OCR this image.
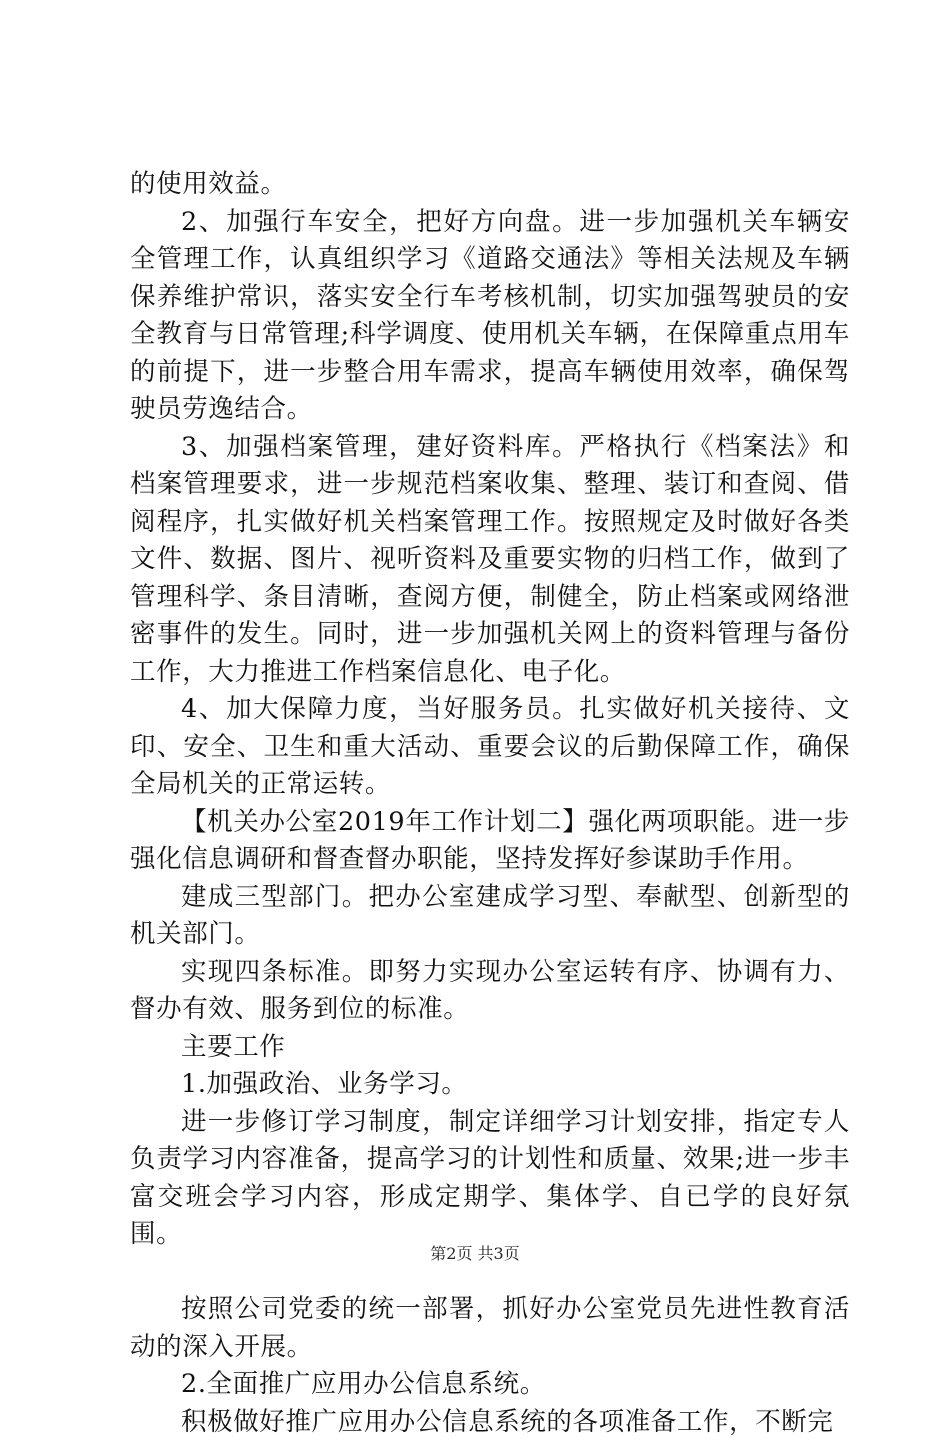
的使用效益。

2、加强行车安全，把好方向盘。进一步加强机关车辆安全管理工作，认真组织学习《道路交通法》等相关法规及车辆保养维护常识，落实安全行车考核机制，切实加强驾驶员的安全教育与日常管理;科学调度、使用机关车辆，在保障重点用车的前提下，进一步整合用车需求，提高车辆使用效率，确保驾驶员劳逸结合。

3、加强档案管理，建好资料库。严格执行《档案法》和档案管理要求，进一步规范档案收集、整理、装订和查阅、借阅程序，扎实做好机关档案管理工作。按照规定及时做好各类文件、数据、图片、视听资料及重要实物的归档工作，做到了管理科学、条目清晰，查阅方便，制健全，防止档案或网络泄密事件的发生。同时，进一步加强机关网上的资料管理与备份工作，大力推进工作档案信息化、电子化。

4、加大保障力度，当好服务员。扎实做好机关接待、文印、安全、卫生和重大活动、重要会议的后勤保障工作，确保全局机关的正常运转。

【机关办公室2019年工作计划二】强化两项职能。进一步强化信息调研和督查督办职能，坚持发挥好参谋助手作用。

建成三型部门。把办公室建成学习型、奉献型、创新型的机关部门。

实现四条标准。即努力实现办公室运转有序、协调有力、督办有效、服务到位的标准。

主要工作

1.加强政治、业务学习。

进一步修订学习制度，制定详细学习计划安排，指定专人负责学习内容准备，提高学习的计划性和质量、效果;进一步丰富交班会学习内容，形成定期学、集体学、自已学的良好氛围。

按照公司党委的统一部署，抓好办公室党员先进性教育活动的深入开展。

2.全面推广应用办公信息系统。

积极做好推广应用办公信息系统的各项准备工作，不断完

第2页 共3页
